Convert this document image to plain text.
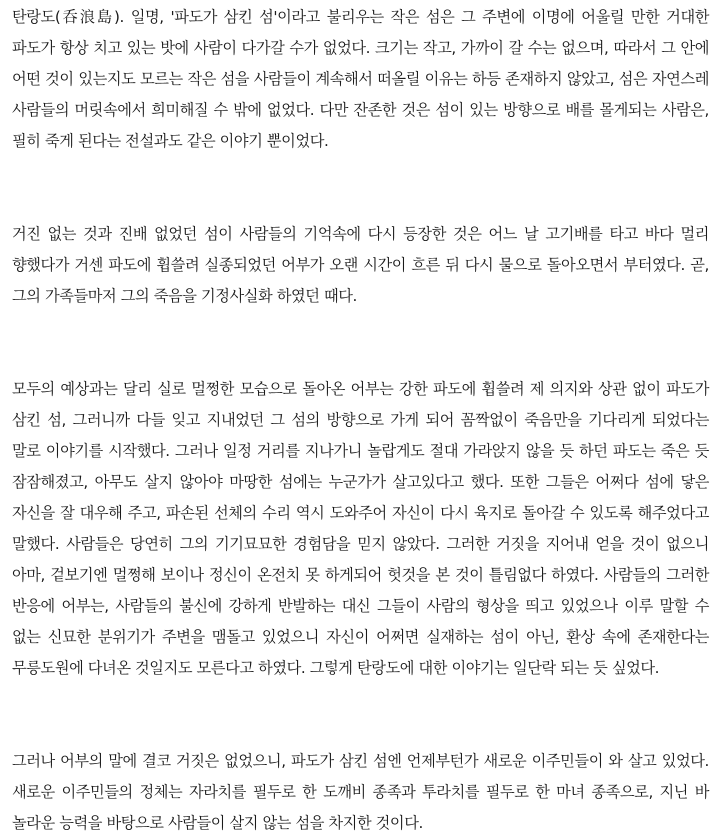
탄랑도(呑浪島). 일명, '파도가 삼킨 섬'이라고 불리우는 작은 섬은 그 주변에 이명에 어울릴 만한 거대한 파도가 항상 치고 있는 밧에 사람이 다가갈 수가 없었다. 크기는 작고, 가까이 갈 수는 없으며, 따라서 그 안에 어떤 것이 있는지도 모르는 작은 섬을 사람들이 계속해서 떠올릴 이유는 하등 존재하지 않았고, 섬은 자연스레 사람들의 머릿속에서 희미해질 수 밖에 없었다. 다만 잔존한 것은 섬이 있는 방향으로 배를 몰게되는 사람은, 필히 죽게 된다는 전설과도 같은 이야기 뿐이었다.

거진 없는 것과 진배 없었던 섬이 사람들의 기억속에 다시 등장한 것은 어느 날 고기배를 타고 바다 멀리 향했다가 거센 파도에 휩쓸려 실종되었던 어부가 오랜 시간이 흐른 뒤 다시 물으로 돌아오면서 부터였다. 곧, 그의 가족들마저 그의 죽음을 기정사실화 하였던 때다.

모두의 예상과는 달리 실로 멀쩡한 모습으로 돌아온 어부는 강한 파도에 휩쓸려 제 의지와 상관 없이 파도가 삼킨 섬, 그러니까 다들 잊고 지내었던 그 섬의 방향으로 가게 되어 꼼짝없이 죽음만을 기다리게 되었다는 말로 이야기를 시작했다. 그러나 일정 거리를 지나가니 놀랍게도 절대 가라앉지 않을 듯 하던 파도는 죽은 듯 잠잠해졌고, 아무도 살지 않아야 마땅한 섬에는 누군가가 살고있다고 했다. 또한 그들은 어쩌다 섬에 닿은 자신을 잘 대우해 주고, 파손된 선체의 수리 역시 도와주어 자신이 다시 육지로 돌아갈 수 있도록 해주었다고 말했다. 사람들은 당연히 그의 기기묘묘한 경험담을 믿지 않았다. 그러한 거짓을 지어내 얻을 것이 없으니 아마, 겉보기엔 멀쩡해 보이나 정신이 온전치 못 하게되어 헛것을 본 것이 틀림없다 하였다. 사람들의 그러한 반응에 어부는, 사람들의 불신에 강하게 반발하는 대신 그들이 사람의 형상을 띄고 있었으나 이루 말할 수 없는 신묘한 분위기가 주변을 맴돌고 있었으니 자신이 어쩌면 실재하는 섬이 아닌, 환상 속에 존재한다는 무릉도원에 다녀온 것일지도 모른다고 하였다. 그렇게 탄랑도에 대한 이야기는 일단락 되는 듯 싶었다.

그러나 어부의 말에 결코 거짓은 없었으니, 파도가 삼킨 섬엔 언제부턴가 새로운 이주민들이 와 살고 있었다. 새로운 이주민들의 정체는 자라치를 필두로 한 도깨비 종족과 투라치를 필두로 한 마녀 종족으로, 지닌 바 놀라운 능력을 바탕으로 사람들이 살지 않는 섬을 차지한 것이다.
